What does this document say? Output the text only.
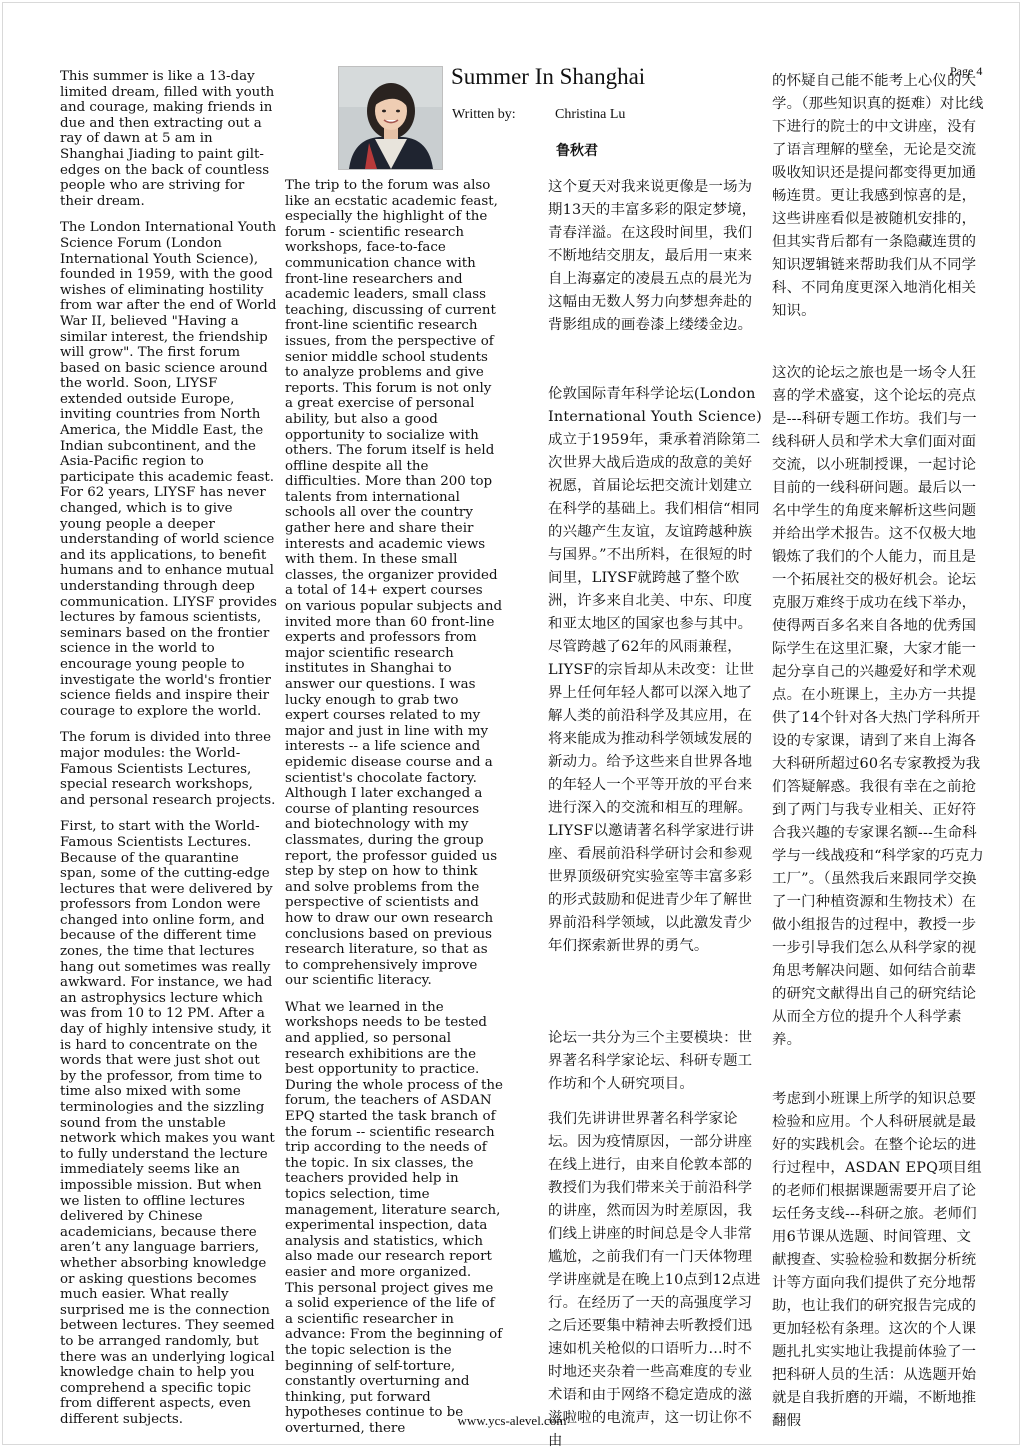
Page 4
Summer In Shanghai
Written by:	Christina Lu
鲁秋君

This summer is like a 13-day limited dream, filled with youth and courage, making friends in due and then extracting out a ray of dawn at 5 am in Shanghai Jiading to paint gilt-edges on the back of countless people who are striving for their dream.

The London International Youth Science Forum (London International Youth Science), founded in 1959, with the good wishes of eliminating hostility from war after the end of World War II, believed "Having a similar interest, the friendship will grow". The first forum based on basic science around the world. Soon, LIYSF extended outside Europe, inviting countries from North America, the Middle East, the Indian subcontinent, and the Asia-Pacific region to participate this academic feast. For 62 years, LIYSF has never changed, which is to give young people a deeper understanding of world science and its applications, to benefit humans and to enhance mutual understanding through deep communication. LIYSF provides lectures by famous scientists, seminars based on the frontier science in the world to encourage young people to investigate the world's frontier science fields and inspire their courage to explore the world.

The forum is divided into three major modules: the World-Famous Scientists Lectures, special research workshops, and personal research projects.

First, to start with the World-Famous Scientists Lectures. Because of the quarantine span, some of the cutting-edge lectures that were delivered by professors from London were changed into online form, and because of the different time zones, the time that lectures hang out sometimes was really awkward. For instance, we had an astrophysics lecture which was from 10 to 12 PM. After a day of highly intensive study, it is hard to concentrate on the words that were just shot out by the professor, from time to time also mixed with some terminologies and the sizzling sound from the unstable network which makes you want to fully understand the lecture immediately seems like an impossible mission. But when we listen to offline lectures delivered by Chinese academicians, because there aren’t any language barriers, whether absorbing knowledge or asking questions becomes much easier. What really surprised me is the connection between lectures. They seemed to be arranged randomly, but there was an underlying logical knowledge chain to help you comprehend a specific topic from different aspects, even different subjects.

The trip to the forum was also like an ecstatic academic feast, especially the highlight of the forum - scientific research workshops, face-to-face communication chance with front-line researchers and academic leaders, small class teaching, discussing of current front-line scientific research issues, from the perspective of senior middle school students to analyze problems and give reports. This forum is not only a great exercise of personal ability, but also a good opportunity to socialize with others. The forum itself is held offline despite all the difficulties. More than 200 top talents from international schools all over the country gather here and share their interests and academic views with them. In these small classes, the organizer provided a total of 14+ expert courses on various popular subjects and invited more than 60 front-line experts and professors from major scientific research institutes in Shanghai to answer our questions. I was lucky enough to grab two expert courses related to my major and just in line with my interests -- a life science and epidemic disease course and a scientist's chocolate factory. Although I later exchanged a course of planting resources and biotechnology with my classmates, during the group report, the professor guided us step by step on how to think and solve problems from the perspective of scientists and how to draw our own research conclusions based on previous research literature, so that as to comprehensively improve our scientific literacy.

What we learned in the workshops needs to be tested and applied, so personal research exhibitions are the best opportunity to practice. During the whole process of the forum, the teachers of ASDAN EPQ started the task branch of the forum -- scientific research trip according to the needs of the topic. In six classes, the teachers provided help in topics selection, time management, literature search, experimental inspection, data analysis and statistics, which also made our research report easier and more organized. This personal project gives me a solid experience of the life of a scientific researcher in advance: From the beginning of the topic selection is the beginning of self-torture, constantly overturning and thinking, put forward hypotheses continue to be overturned, there

这个夏天对我来说更像是一场为期13天的丰富多彩的限定梦境，青春洋溢。在这段时间里，我们不断地结交朋友，最后用一束来自上海嘉定的凌晨五点的晨光为这幅由无数人努力向梦想奔赴的背影组成的画卷漆上缕缕金边。

伦敦国际青年科学论坛(London International Youth Science)成立于1959年，秉承着消除第二次世界大战后造成的敌意的美好祝愿，首届论坛把交流计划建立在科学的基础上。我们相信“相同的兴趣产生友谊，友谊跨越种族与国界。”不出所料，在很短的时间里，LIYSF就跨越了整个欧洲，许多来自北美、中东、印度和亚太地区的国家也参与其中。尽管跨越了62年的风雨兼程，LIYSF的宗旨却从未改变：让世界上任何年轻人都可以深入地了解人类的前沿科学及其应用，在将来能成为推动科学领域发展的新动力。给予这些来自世界各地的年轻人一个平等开放的平台来进行深入的交流和相互的理解。LIYSF以邀请著名科学家进行讲座、看展前沿科学研讨会和参观世界顶级研究实验室等丰富多彩的形式鼓励和促进青少年了解世界前沿科学领域，以此激发青少年们探索新世界的勇气。

论坛一共分为三个主要模块：世界著名科学家论坛、科研专题工作坊和个人研究项目。

我们先讲讲世界著名科学家论坛。因为疫情原因，一部分讲座在线上进行，由来自伦敦本部的教授们为我们带来关于前沿科学的讲座，然而因为时差原因，我们线上讲座的时间总是令人非常尴尬，之前我们有一门天体物理学讲座就是在晚上10点到12点进行。在经历了一天的高强度学习之后还要集中精神去听教授们迅速如机关枪似的口语听力...时不时地还夹杂着一些高难度的专业术语和由于网络不稳定造成的滋滋啦啦的电流声，这一切让你不由

的怀疑自己能不能考上心仪的大学。（那些知识真的挺难）对比线下进行的院士的中文讲座，没有了语言理解的壁垒，无论是交流吸收知识还是提问都变得更加通畅连贯。更让我感到惊喜的是，这些讲座看似是被随机安排的，但其实背后都有一条隐藏连贯的知识逻辑链来帮助我们从不同学科、不同角度更深入地消化相关知识。

这次的论坛之旅也是一场令人狂喜的学术盛宴，这个论坛的亮点是---科研专题工作坊。我们与一线科研人员和学术大拿们面对面交流，以小班制授课，一起讨论目前的一线科研问题。最后以一名中学生的角度来解析这些问题并给出学术报告。这不仅极大地锻炼了我们的个人能力，而且是一个拓展社交的极好机会。论坛克服万难终于成功在线下举办，使得两百多名来自各地的优秀国际学生在这里汇聚，大家才能一起分享自己的兴趣爱好和学术观点。在小班课上，主办方一共提供了14个针对各大热门学科所开设的专家课，请到了来自上海各大科研所超过60名专家教授为我们答疑解惑。我很有幸在之前抢到了两门与我专业相关、正好符合我兴趣的专家课名额---生命科学与一线战疫和“科学家的巧克力工厂”。（虽然我后来跟同学交换了一门种植资源和生物技术）在做小组报告的过程中，教授一步一步引导我们怎么从科学家的视角思考解决问题、如何结合前辈的研究文献得出自己的研究结论从而全方位的提升个人科学素养。

考虑到小班课上所学的知识总要检验和应用。个人科研展就是最好的实践机会。在整个论坛的进行过程中，ASDAN EPQ项目组的老师们根据课题需要开启了论坛任务支线---科研之旅。老师们用6节课从选题、时间管理、文献搜查、实验检验和数据分析统计等方面向我们提供了充分地帮助，也让我们的研究报告完成的更加轻松有条理。这次的个人课题扎扎实实地让我提前体验了一把科研人员的生活：从选题开始就是自我折磨的开端，不断地推翻假

www.ycs-alevel.com
